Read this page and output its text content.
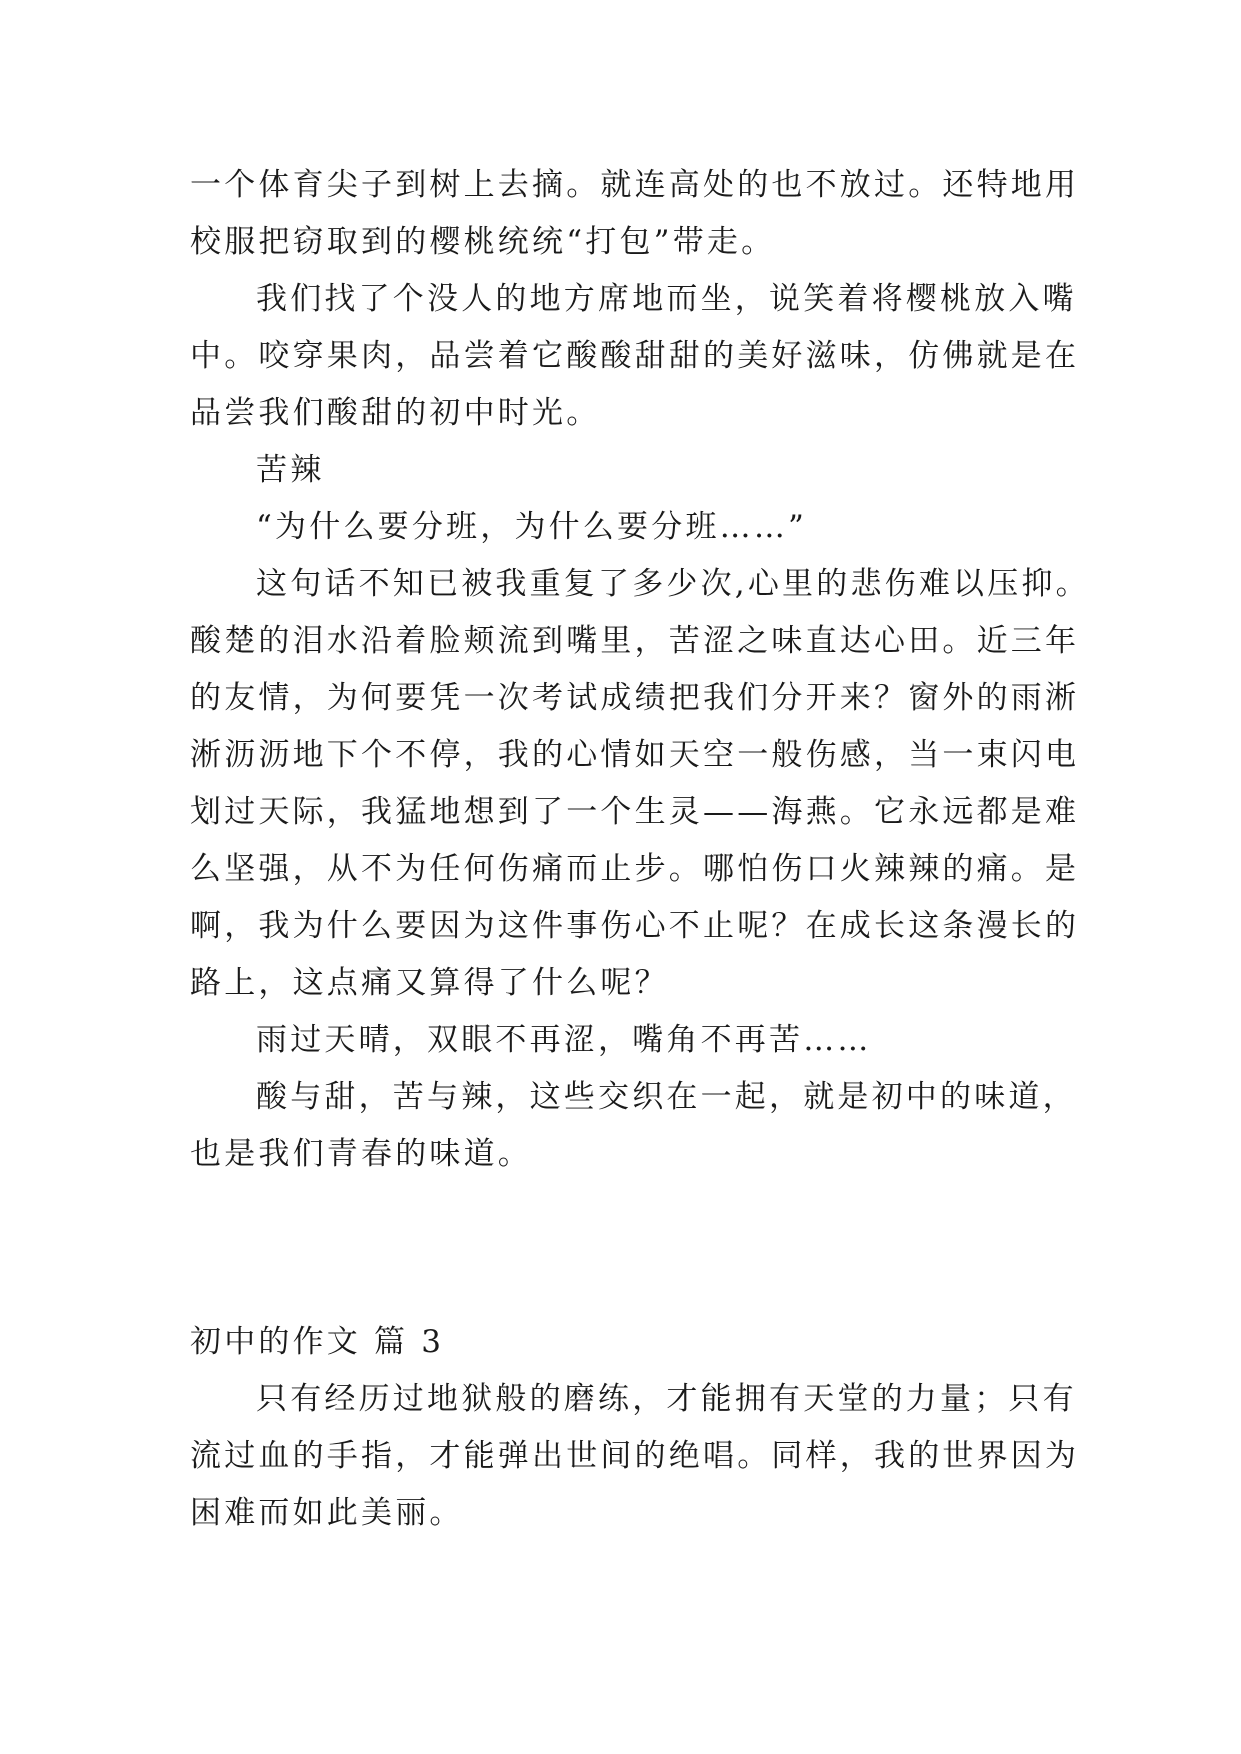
一个体育尖子到树上去摘。就连高处的也不放过。还特地用
校服把窃取到的樱桃统统“打包”带走。
我们找了个没人的地方席地而坐，说笑着将樱桃放入嘴
中。咬穿果肉，品尝着它酸酸甜甜的美好滋味，仿佛就是在
品尝我们酸甜的初中时光。
苦辣
“为什么要分班，为什么要分班……”
这句话不知已被我重复了多少次,心里的悲伤难以压抑。
酸楚的泪水沿着脸颊流到嘴里，苦涩之味直达心田。近三年
的友情，为何要凭一次考试成绩把我们分开来？窗外的雨淅
淅沥沥地下个不停，我的心情如天空一般伤感，当一束闪电
划过天际，我猛地想到了一个生灵——海燕。它永远都是难
么坚强，从不为任何伤痛而止步。哪怕伤口火辣辣的痛。是
啊，我为什么要因为这件事伤心不止呢？在成长这条漫长的
路上，这点痛又算得了什么呢？
雨过天晴，双眼不再涩，嘴角不再苦……
酸与甜，苦与辣，这些交织在一起，就是初中的味道，
也是我们青春的味道。
初中的作文 篇 3
只有经历过地狱般的磨练，才能拥有天堂的力量；只有
流过血的手指，才能弹出世间的绝唱。同样，我的世界因为
困难而如此美丽。
